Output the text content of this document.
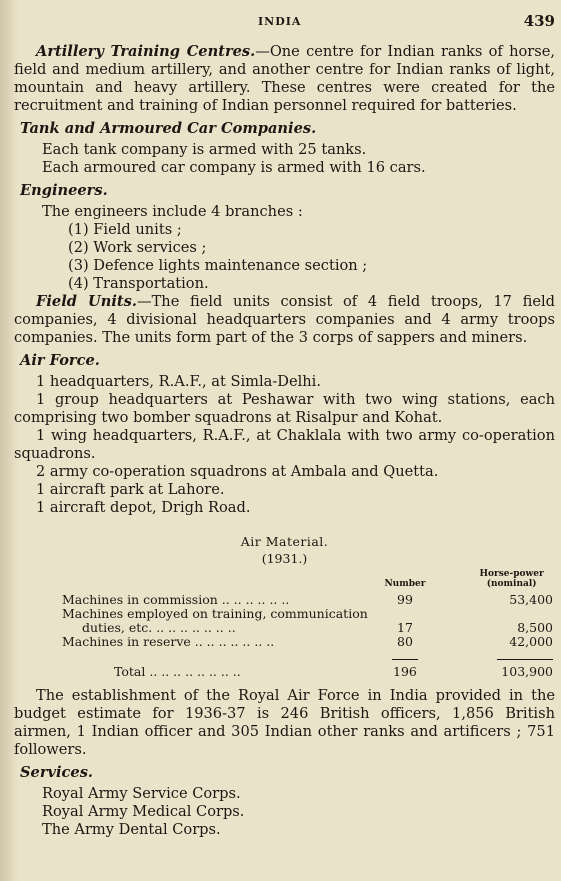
INDIA	439

Artillery Training Centres.—One centre for Indian ranks of horse, field and medium artillery, and another centre for Indian ranks of light, mountain and heavy artillery. These centres were created for the recruitment and training of Indian personnel required for batteries.

Tank and Armoured Car Companies.
Each tank company is armed with 25 tanks.
Each armoured car company is armed with 16 cars.
Engineers.
The engineers include 4 branches :
(1) Field units ;
(2) Work services ;
(3) Defence lights maintenance section ;
(4) Transportation.

Field Units.—The field units consist of 4 field troops, 17 field companies, 4 divisional headquarters companies and 4 army troops companies. The units form part of the 3 corps of sappers and miners.

Air Force.

1 headquarters, R.A.F., at Simla-Delhi.

1 group headquarters at Peshawar with two wing stations, each comprising two bomber squadrons at Risalpur and Kohat.

1 wing headquarters, R.A.F., at Chaklala with two army co-operation squadrons.

2 army co-operation squadrons at Ambala and Quetta.

1 aircraft park at Lahore.

1 aircraft depot, Drigh Road.

Air Material.
(1931.)
	Number	Horse-power
(nominal)
Machines in commission .. .. .. .. .. ..	99	53,400
Machines employed on training, communication duties, etc. .. .. .. .. .. .. ..	17	8,500
Machines in reserve .. .. .. .. .. .. ..	80	42,000

Total .. .. .. .. .. .. .. ..	196	103,900

The establishment of the Royal Air Force in India provided in the budget estimate for 1936-37 is 246 British officers, 1,856 British airmen, 1 Indian officer and 305 Indian other ranks and artificers ; 751 followers.

Services.
Royal Army Service Corps.
Royal Army Medical Corps.
The Army Dental Corps.
